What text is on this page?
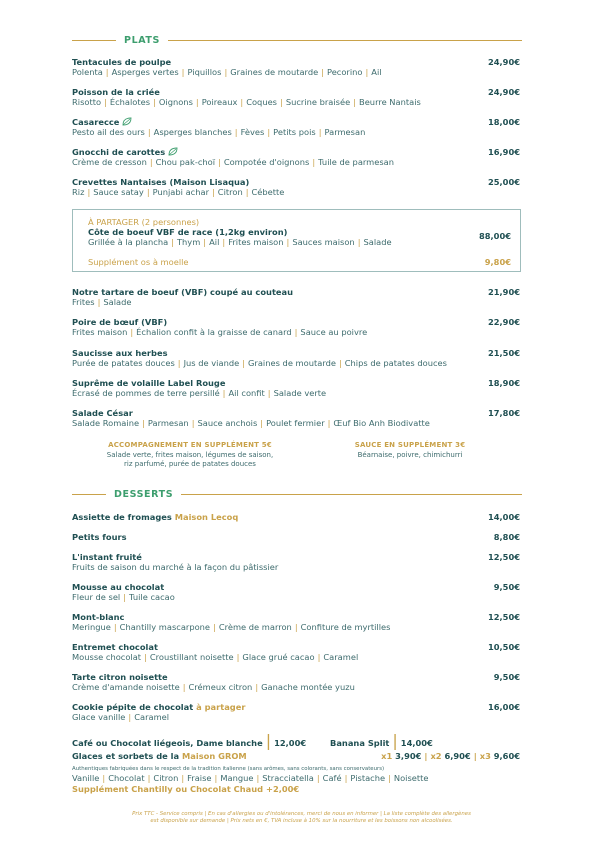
PLATS
Tentacules de poulpe
Polenta | Asperges vertes | Piquillos | Graines de moutarde | Pecorino | Ail
24,90€
Poisson de la criée
Risotto | Échalotes | Oignons | Poireaux | Coques | Sucrine braisée | Beurre Nantais
24,90€
Casarecce
Pesto ail des ours | Asperges blanches | Fèves | Petits pois | Parmesan
18,00€
Gnocchi de carottes
Crème de cresson | Chou pak-choï | Compotée d'oignons | Tuile de parmesan
16,90€
Crevettes Nantaises (Maison Lisaqua)
Riz | Sauce satay | Punjabi achar | Citron | Cébette
25,00€
À PARTAGER (2 personnes)
Côte de boeuf VBF de race (1,2kg environ)
Grillée à la plancha | Thym | Ail | Frites maison | Sauces maison | Salade
88,00€
Supplément os à moelle	9,80€
Notre tartare de boeuf (VBF) coupé au couteau
Frites | Salade
21,90€
Poire de bœuf (VBF)
Frites maison | Échalion confit à la graisse de canard | Sauce au poivre
22,90€
Saucisse aux herbes
Purée de patates douces | Jus de viande | Graines de moutarde | Chips de patates douces
21,50€
Suprême de volaille Label Rouge
Écrasé de pommes de terre persillé | Ail confit | Salade verte
18,90€
Salade César
Salade Romaine | Parmesan | Sauce anchois | Poulet fermier | Œuf Bio Anh Biodivatte
17,80€
ACCOMPAGNEMENT EN SUPPLÉMENT 5€
Salade verte, frites maison, légumes de saison,
riz parfumé, purée de patates douces
SAUCE EN SUPPLÉMENT 3€
Béarnaise, poivre, chimichurri
DESSERTS
Assiette de fromages Maison Lecoq	14,00€
Petits fours	8,80€
L'instant fruité
Fruits de saison du marché à la façon du pâtissier
12,50€
Mousse au chocolat
Fleur de sel | Tuile cacao
9,50€
Mont-blanc
Meringue | Chantilly mascarpone | Crème de marron | Confiture de myrtilles
12,50€
Entremet chocolat
Mousse chocolat | Croustillant noisette | Glace grué cacao | Caramel
10,50€
Tarte citron noisette
Crème d'amande noisette | Crémeux citron | Ganache montée yuzu
9,50€
Cookie pépite de chocolat à partager
Glace vanille | Caramel
16,00€
Café ou Chocolat liégeois, Dame blanche | 12,00€	Banana Split | 14,00€
Glaces et sorbets de la Maison GROM	x1 3,90€ | x2 6,90€ | x3 9,60€
Authentiques fabriquées dans le respect de la tradition italienne (sans arômes, sans colorants, sans conservateurs)
Vanille | Chocolat | Citron | Fraise | Mangue | Stracciatella | Café | Pistache | Noisette
Supplément Chantilly ou Chocolat Chaud +2,00€
Prix TTC - Service compris | En cas d'allergies ou d'intolérances, merci de nous en informer | La liste complète des allergènes
est disponible sur demande | Prix nets en €, TVA incluse à 10% sur la nourriture et les boissons non alcoolisées.
